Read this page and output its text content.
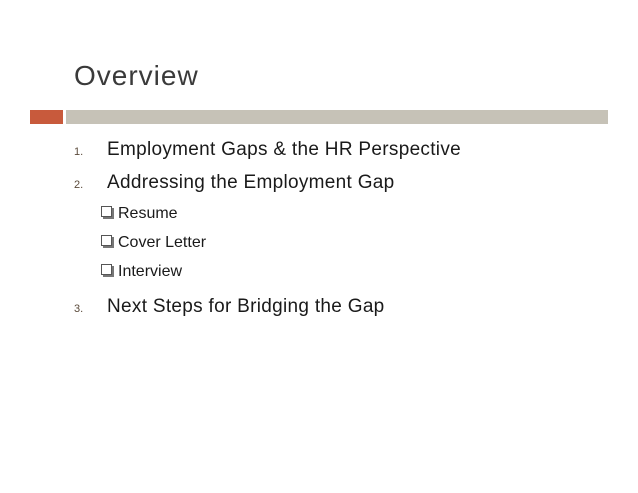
Overview
1. Employment Gaps & the HR Perspective
2. Addressing the Employment Gap
Resume
Cover Letter
Interview
3. Next Steps for Bridging the Gap
